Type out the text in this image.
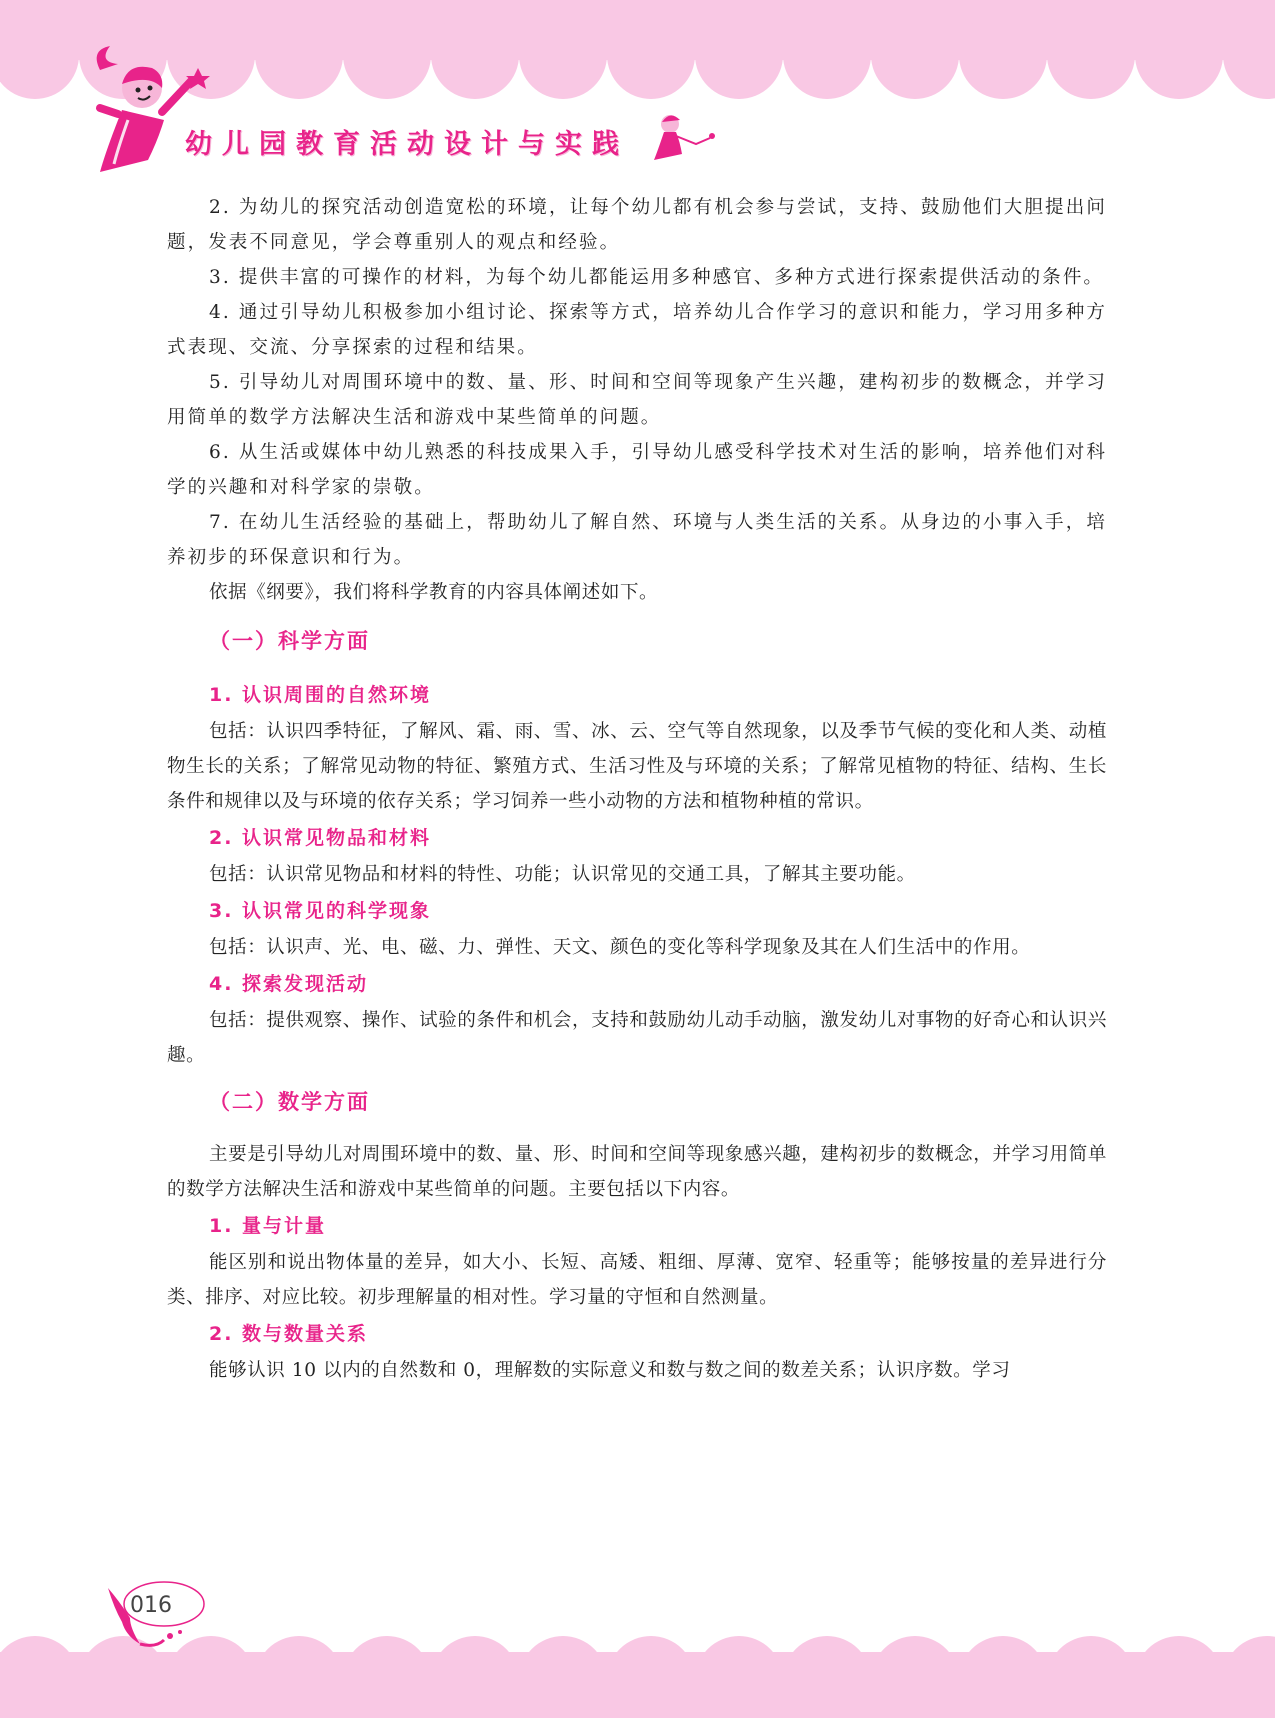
幼儿园教育活动设计与实践

2. 为幼儿的探究活动创造宽松的环境，让每个幼儿都有机会参与尝试，支持、鼓励他们大胆提出问题，发表不同意见，学会尊重别人的观点和经验。

3. 提供丰富的可操作的材料，为每个幼儿都能运用多种感官、多种方式进行探索提供活动的条件。

4. 通过引导幼儿积极参加小组讨论、探索等方式，培养幼儿合作学习的意识和能力，学习用多种方式表现、交流、分享探索的过程和结果。

5. 引导幼儿对周围环境中的数、量、形、时间和空间等现象产生兴趣，建构初步的数概念，并学习用简单的数学方法解决生活和游戏中某些简单的问题。

6. 从生活或媒体中幼儿熟悉的科技成果入手，引导幼儿感受科学技术对生活的影响，培养他们对科学的兴趣和对科学家的崇敬。

7. 在幼儿生活经验的基础上，帮助幼儿了解自然、环境与人类生活的关系。从身边的小事入手，培养初步的环保意识和行为。

依据《纲要》，我们将科学教育的内容具体阐述如下。

（一）科学方面
1. 认识周围的自然环境

包括：认识四季特征，了解风、霜、雨、雪、冰、云、空气等自然现象，以及季节气候的变化和人类、动植物生长的关系；了解常见动物的特征、繁殖方式、生活习性及与环境的关系；了解常见植物的特征、结构、生长条件和规律以及与环境的依存关系；学习饲养一些小动物的方法和植物种植的常识。

2. 认识常见物品和材料

包括：认识常见物品和材料的特性、功能；认识常见的交通工具，了解其主要功能。

3. 认识常见的科学现象

包括：认识声、光、电、磁、力、弹性、天文、颜色的变化等科学现象及其在人们生活中的作用。

4. 探索发现活动

包括：提供观察、操作、试验的条件和机会，支持和鼓励幼儿动手动脑，激发幼儿对事物的好奇心和认识兴趣。

（二）数学方面

主要是引导幼儿对周围环境中的数、量、形、时间和空间等现象感兴趣，建构初步的数概念，并学习用简单的数学方法解决生活和游戏中某些简单的问题。主要包括以下内容。

1. 量与计量

能区别和说出物体量的差异，如大小、长短、高矮、粗细、厚薄、宽窄、轻重等；能够按量的差异进行分类、排序、对应比较。初步理解量的相对性。学习量的守恒和自然测量。

2. 数与数量关系

能够认识 10 以内的自然数和 0，理解数的实际意义和数与数之间的数差关系；认识序数。学习

016
